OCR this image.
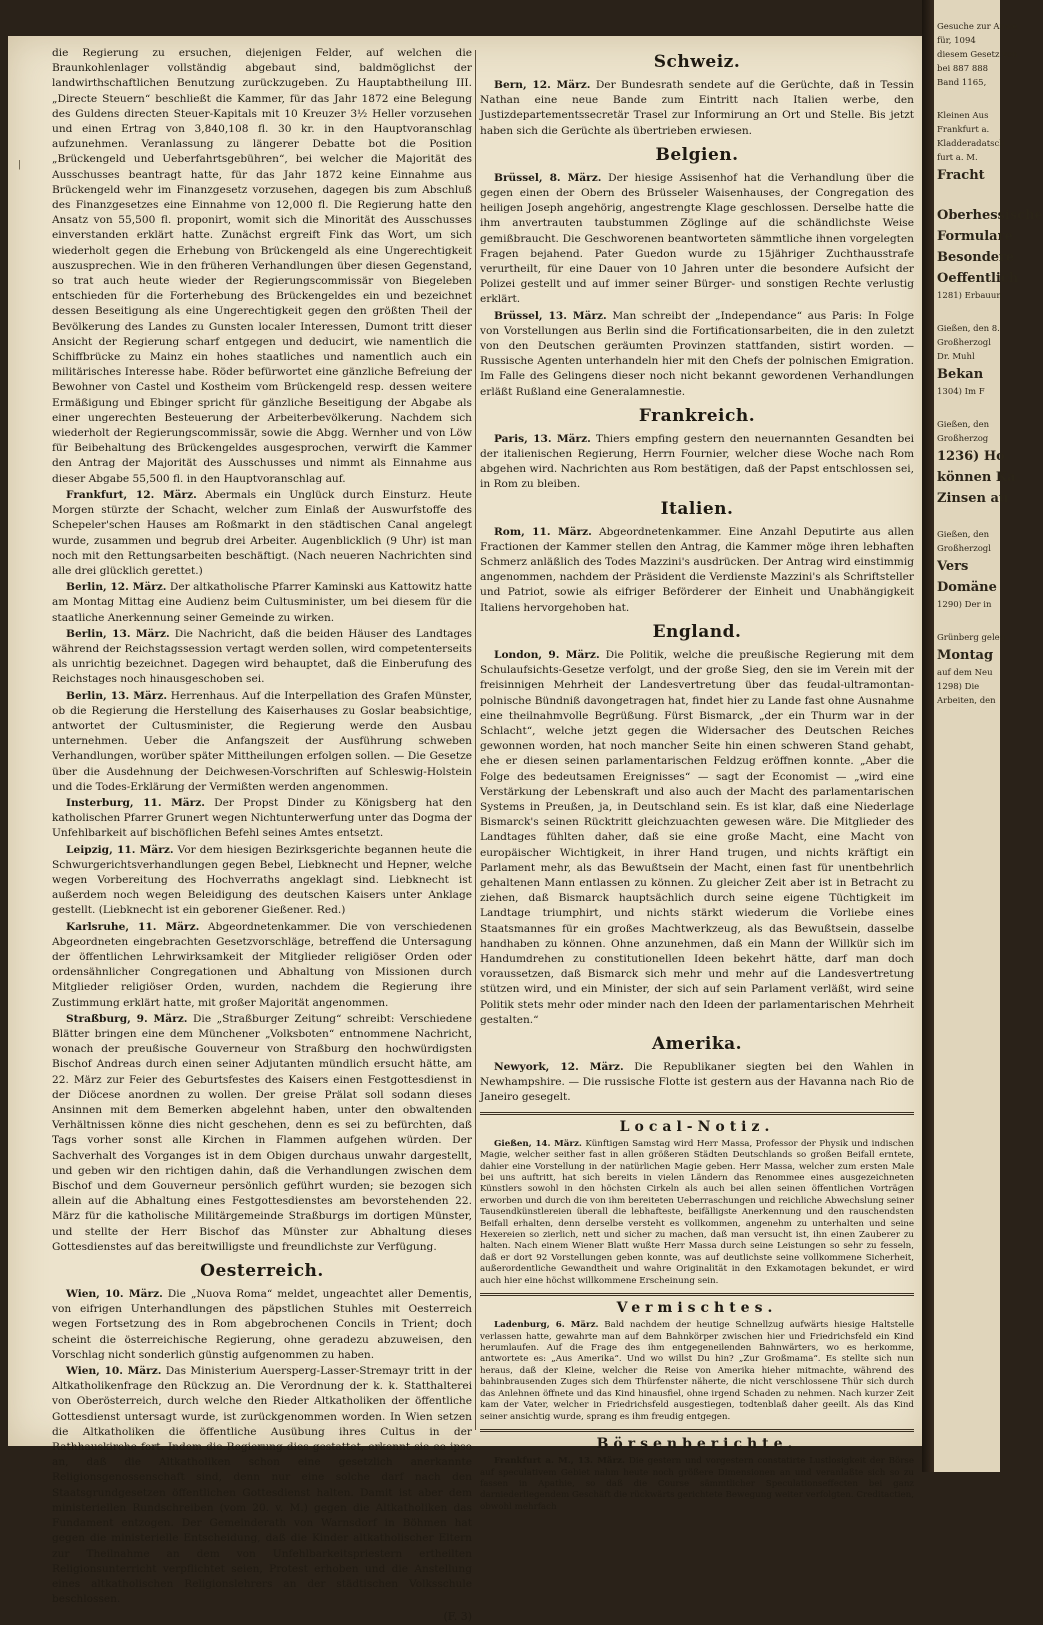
Gesuche zur Anwe
für, 1094
diesem Gesetz von
bei 887 888
Band 1165,
Kleinen Aus
Frankfurt a.
Kladderadatsch
furt a. M.
Fracht
Oberhessische
Formulare
Besondere
Oeffentlich
1281) Erbauun
Gießen, den 8.
Großherzogl
Dr. Muhl
Bekan
1304) Im F
Gießen, den
Großherzog
1236) Ho
können Ka
Zinsen au
Gießen, den
Großherzogl
Vers
Domäne
1290) Der in
Grünberg geleg
Montag
auf dem Neu
1298) Die
Arbeiten, den
|

die Regierung zu ersuchen, diejenigen Felder, auf welchen die Braunkohlenlager vollständig abgebaut sind, baldmöglichst der landwirthschaftlichen Benutzung zurückzugeben. Zu Hauptabtheilung III. „Directe Steuern“ beschließt die Kammer, für das Jahr 1872 eine Belegung des Guldens directen Steuer-Kapitals mit 10 Kreuzer 3½ Heller vorzusehen und einen Ertrag von 3,840,108 fl. 30 kr. in den Hauptvoranschlag aufzunehmen. Veranlassung zu längerer Debatte bot die Position „Brückengeld und Ueberfahrtsgebühren“, bei welcher die Majorität des Ausschusses beantragt hatte, für das Jahr 1872 keine Einnahme aus Brückengeld wehr im Finanzgesetz vorzusehen, dagegen bis zum Abschluß des Finanzgesetzes eine Einnahme von 12,000 fl. Die Regierung hatte den Ansatz von 55,500 fl. proponirt, womit sich die Minorität des Ausschusses einverstanden erklärt hatte. Zunächst ergreift Fink das Wort, um sich wiederholt gegen die Erhebung von Brückengeld als eine Ungerechtigkeit auszusprechen. Wie in den früheren Verhandlungen über diesen Gegenstand, so trat auch heute wieder der Regierungscommissär von Biegeleben entschieden für die Forterhebung des Brückengeldes ein und bezeichnet dessen Beseitigung als eine Ungerechtigkeit gegen den größten Theil der Bevölkerung des Landes zu Gunsten localer Interessen, Dumont tritt dieser Ansicht der Regierung scharf entgegen und deducirt, wie namentlich die Schiffbrücke zu Mainz ein hohes staatliches und namentlich auch ein militärisches Interesse habe. Röder befürwortet eine gänzliche Befreiung der Bewohner von Castel und Kostheim vom Brückengeld resp. dessen weitere Ermäßigung und Ebinger spricht für gänzliche Beseitigung der Abgabe als einer ungerechten Besteuerung der Arbeiterbevölkerung. Nachdem sich wiederholt der Regierungscommissär, sowie die Abgg. Wernher und von Löw für Beibehaltung des Brückengeldes ausgesprochen, verwirft die Kammer den Antrag der Majorität des Ausschusses und nimmt als Einnahme aus dieser Abgabe 55,500 fl. in den Hauptvoranschlag auf.

Frankfurt, 12. März. Abermals ein Unglück durch Einsturz. Heute Morgen stürzte der Schacht, welcher zum Einlaß der Auswurfstoffe des Schepeler'schen Hauses am Roßmarkt in den städtischen Canal angelegt wurde, zusammen und begrub drei Arbeiter. Augenblicklich (9 Uhr) ist man noch mit den Rettungsarbeiten beschäftigt. (Nach neueren Nachrichten sind alle drei glücklich gerettet.)

Berlin, 12. März. Der altkatholische Pfarrer Kaminski aus Kattowitz hatte am Montag Mittag eine Audienz beim Cultusminister, um bei diesem für die staatliche Anerkennung seiner Gemeinde zu wirken.

Berlin, 13. März. Die Nachricht, daß die beiden Häuser des Landtages während der Reichstagssession vertagt werden sollen, wird competenterseits als unrichtig bezeichnet. Dagegen wird behauptet, daß die Einberufung des Reichstages noch hinausgeschoben sei.

Berlin, 13. März. Herrenhaus. Auf die Interpellation des Grafen Münster, ob die Regierung die Herstellung des Kaiserhauses zu Goslar beabsichtige, antwortet der Cultusminister, die Regierung werde den Ausbau unternehmen. Ueber die Anfangszeit der Ausführung schweben Verhandlungen, worüber später Mittheilungen erfolgen sollen. — Die Gesetze über die Ausdehnung der Deichwesen-Vorschriften auf Schleswig-Holstein und die Todes-Erklärung der Vermißten werden angenommen.

Insterburg, 11. März. Der Propst Dinder zu Königsberg hat den katholischen Pfarrer Grunert wegen Nichtunterwerfung unter das Dogma der Unfehlbarkeit auf bischöflichen Befehl seines Amtes entsetzt.

Leipzig, 11. März. Vor dem hiesigen Bezirksgerichte begannen heute die Schwurgerichtsverhandlungen gegen Bebel, Liebknecht und Hepner, welche wegen Vorbereitung des Hochverraths angeklagt sind. Liebknecht ist außerdem noch wegen Beleidigung des deutschen Kaisers unter Anklage gestellt. (Liebknecht ist ein geborener Gießener. Red.)

Karlsruhe, 11. März. Abgeordnetenkammer. Die von verschiedenen Abgeordneten eingebrachten Gesetzvorschläge, betreffend die Untersagung der öffentlichen Lehrwirksamkeit der Mitglieder religiöser Orden oder ordensähnlicher Congregationen und Abhaltung von Missionen durch Mitglieder religiöser Orden, wurden, nachdem die Regierung ihre Zustimmung erklärt hatte, mit großer Majorität angenommen.

Straßburg, 9. März. Die „Straßburger Zeitung“ schreibt: Verschiedene Blätter bringen eine dem Münchener „Volksboten“ entnommene Nachricht, wonach der preußische Gouverneur von Straßburg den hochwürdigsten Bischof Andreas durch einen seiner Adjutanten mündlich ersucht hätte, am 22. März zur Feier des Geburtsfestes des Kaisers einen Festgottesdienst in der Diöcese anordnen zu wollen. Der greise Prälat soll sodann dieses Ansinnen mit dem Bemerken abgelehnt haben, unter den obwaltenden Verhältnissen könne dies nicht geschehen, denn es sei zu befürchten, daß Tags vorher sonst alle Kirchen in Flammen aufgehen würden. Der Sachverhalt des Vorganges ist in dem Obigen durchaus unwahr dargestellt, und geben wir den richtigen dahin, daß die Verhandlungen zwischen dem Bischof und dem Gouverneur persönlich geführt wurden; sie bezogen sich allein auf die Abhaltung eines Festgottesdienstes am bevorstehenden 22. März für die katholische Militärgemeinde Straßburgs im dortigen Münster, und stellte der Herr Bischof das Münster zur Abhaltung dieses Gottesdienstes auf das bereitwilligste und freundlichste zur Verfügung.

Oesterreich.

Wien, 10. März. Die „Nuova Roma“ meldet, ungeachtet aller Dementis, von eifrigen Unterhandlungen des päpstlichen Stuhles mit Oesterreich wegen Fortsetzung des in Rom abgebrochenen Concils in Trient; doch scheint die österreichische Regierung, ohne geradezu abzuweisen, den Vorschlag nicht sonderlich günstig aufgenommen zu haben.

Wien, 10. März. Das Ministerium Auersperg-Lasser-Stremayr tritt in der Altkatholikenfrage den Rückzug an. Die Verordnung der k. k. Statthalterei von Oberösterreich, durch welche den Rieder Altkatholiken der öffentliche Gottesdienst untersagt wurde, ist zurückgenommen worden. In Wien setzen die Altkatholiken die öffentliche Ausübung ihres Cultus in der Rathhauskirche fort. Indem die Regierung dies gestattet, erkennt sie eo ipso an, daß die Altkatholiken schon eine gesetzlich anerkannte Religionsgenossenschaft sind, denn nur eine solche darf nach den Staatsgrundgesetzen öffentlichen Gottesdienst halten. Damit ist aber dem ministeriellen Rundschreiben (vom 20. v. M.) gegen die Altkatholiken das Fundament entzogen. Der Gemeinderath von Warnsdorf in Böhmen hat gegen die ministerielle Entscheidung, daß die Kinder altkatholischer Eltern zur Theilnahme an dem von Unfehlbarkeitspriestern ertheilten Religionsunterricht verpflichtet seien, Protest erhoben und die Anstellung eines altkatholischen Religionslehrers an der städtischen Volksschule beschlossen.

(F. 3)
Schweiz.

Bern, 12. März. Der Bundesrath sendete auf die Gerüchte, daß in Tessin Nathan eine neue Bande zum Eintritt nach Italien werbe, den Justizdepartementssecretär Trasel zur Informirung an Ort und Stelle. Bis jetzt haben sich die Gerüchte als übertrieben erwiesen.

Belgien.

Brüssel, 8. März. Der hiesige Assisenhof hat die Verhandlung über die gegen einen der Obern des Brüsseler Waisenhauses, der Congregation des heiligen Joseph angehörig, angestrengte Klage geschlossen. Derselbe hatte die ihm anvertrauten taubstummen Zöglinge auf die schändlichste Weise gemißbraucht. Die Geschworenen beantworteten sämmtliche ihnen vorgelegten Fragen bejahend. Pater Guedon wurde zu 15jähriger Zuchthausstrafe verurtheilt, für eine Dauer von 10 Jahren unter die besondere Aufsicht der Polizei gestellt und auf immer seiner Bürger- und sonstigen Rechte verlustig erklärt.

Brüssel, 13. März. Man schreibt der „Independance“ aus Paris: In Folge von Vorstellungen aus Berlin sind die Fortificationsarbeiten, die in den zuletzt von den Deutschen geräumten Provinzen stattfanden, sistirt worden. — Russische Agenten unterhandeln hier mit den Chefs der polnischen Emigration. Im Falle des Gelingens dieser noch nicht bekannt gewordenen Verhandlungen erläßt Rußland eine Generalamnestie.

Frankreich.

Paris, 13. März. Thiers empfing gestern den neuernannten Gesandten bei der italienischen Regierung, Herrn Fournier, welcher diese Woche nach Rom abgehen wird. Nachrichten aus Rom bestätigen, daß der Papst entschlossen sei, in Rom zu bleiben.

Italien.

Rom, 11. März. Abgeordnetenkammer. Eine Anzahl Deputirte aus allen Fractionen der Kammer stellen den Antrag, die Kammer möge ihren lebhaften Schmerz anläßlich des Todes Mazzini's ausdrücken. Der Antrag wird einstimmig angenommen, nachdem der Präsident die Verdienste Mazzini's als Schriftsteller und Patriot, sowie als eifriger Beförderer der Einheit und Unabhängigkeit Italiens hervorgehoben hat.

England.

London, 9. März. Die Politik, welche die preußische Regierung mit dem Schulaufsichts-Gesetze verfolgt, und der große Sieg, den sie im Verein mit der freisinnigen Mehrheit der Landesvertretung über das feudal-ultramontan-polnische Bündniß davongetragen hat, findet hier zu Lande fast ohne Ausnahme eine theilnahmvolle Begrüßung. Fürst Bismarck, „der ein Thurm war in der Schlacht“, welche jetzt gegen die Widersacher des Deutschen Reiches gewonnen worden, hat noch mancher Seite hin einen schweren Stand gehabt, ehe er diesen seinen parlamentarischen Feldzug eröffnen konnte. „Aber die Folge des bedeutsamen Ereignisses“ — sagt der Economist — „wird eine Verstärkung der Lebenskraft und also auch der Macht des parlamentarischen Systems in Preußen, ja, in Deutschland sein. Es ist klar, daß eine Niederlage Bismarck's seinen Rücktritt gleichzuachten gewesen wäre. Die Mitglieder des Landtages fühlten daher, daß sie eine große Macht, eine Macht von europäischer Wichtigkeit, in ihrer Hand trugen, und nichts kräftigt ein Parlament mehr, als das Bewußtsein der Macht, einen fast für unentbehrlich gehaltenen Mann entlassen zu können. Zu gleicher Zeit aber ist in Betracht zu ziehen, daß Bismarck hauptsächlich durch seine eigene Tüchtigkeit im Landtage triumphirt, und nichts stärkt wiederum die Vorliebe eines Staatsmannes für ein großes Machtwerkzeug, als das Bewußtsein, dasselbe handhaben zu können. Ohne anzunehmen, daß ein Mann der Willkür sich im Handumdrehen zu constitutionellen Ideen bekehrt hätte, darf man doch voraussetzen, daß Bismarck sich mehr und mehr auf die Landesvertretung stützen wird, und ein Minister, der sich auf sein Parlament verläßt, wird seine Politik stets mehr oder minder nach den Ideen der parlamentarischen Mehrheit gestalten.“

Amerika.

Newyork, 12. März. Die Republikaner siegten bei den Wahlen in Newhampshire. — Die russische Flotte ist gestern aus der Havanna nach Rio de Janeiro gesegelt.

Local-Notiz.

Gießen, 14. März. Künftigen Samstag wird Herr Massa, Professor der Physik und indischen Magie, welcher seither fast in allen größeren Städten Deutschlands so großen Beifall erntete, dahier eine Vorstellung in der natürlichen Magie geben. Herr Massa, welcher zum ersten Male bei uns auftritt, hat sich bereits in vielen Ländern das Renommee eines ausgezeichneten Künstlers sowohl in den höchsten Cirkeln als auch bei allen seinen öffentlichen Vorträgen erworben und durch die von ihm bereiteten Ueberraschungen und reichliche Abwechslung seiner Tausendkünstlereien überall die lebhafteste, beifälligste Anerkennung und den rauschendsten Beifall erhalten, denn derselbe versteht es vollkommen, angenehm zu unterhalten und seine Hexereien so zierlich, nett und sicher zu machen, daß man versucht ist, ihn einen Zauberer zu halten. Nach einem Wiener Blatt wußte Herr Massa durch seine Leistungen so sehr zu fesseln, daß er dort 92 Vorstellungen geben konnte, was auf deutlichste seine vollkommene Sicherheit, außerordentliche Gewandtheit und wahre Originalität in den Exkamotagen bekundet, er wird auch hier eine höchst willkommene Erscheinung sein.

Vermischtes.

Ladenburg, 6. März. Bald nachdem der heutige Schnellzug aufwärts hiesige Haltstelle verlassen hatte, gewahrte man auf dem Bahnkörper zwischen hier und Friedrichsfeld ein Kind herumlaufen. Auf die Frage des ihm entgegeneilenden Bahnwärters, wo es herkomme, antwortete es: „Aus Amerika“. Und wo willst Du hin? „Zur Großmama“. Es stellte sich nun heraus, daß der Kleine, welcher die Reise von Amerika hieher mitmachte, während des bahinbrausenden Zuges sich dem Thürfenster näherte, die nicht verschlossene Thür sich durch das Anlehnen öffnete und das Kind hinausfiel, ohne irgend Schaden zu nehmen. Nach kurzer Zeit kam der Vater, welcher in Friedrichsfeld ausgestiegen, todtenblaß daher geeilt. Als das Kind seiner ansichtig wurde, sprang es ihm freudig entgegen.

Börsenberichte.

Frankfurt a. M., 13. März. Die gestern und vorgestern constatirte Lustlosigkeit der Börse auf speculativem Gebiet nahm heute noch größere Dimensionen an und veranlaßte sich so zu fassen in Apathie, so daß die Course sämmtlicher Speculationseffecten bei ganz darniederliegendem Geschäft die rückwärts gerichtete Bewegung weiter verfolgten. Creditactien, obwohl mehrfach
